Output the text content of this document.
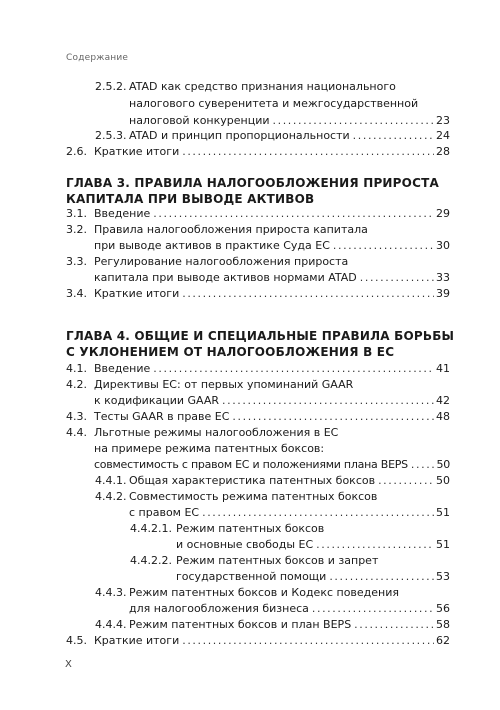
Содержание
2.5.2. ATAD как средство признания национального
налогового суверенитета и межгосударственной
налоговой конкуренции .....	23
2.5.3. ATAD и принцип пропорциональности .....	24
2.6. Краткие итоги .....	28
ГЛАВА 3. ПРАВИЛА НАЛОГООБЛОЖЕНИЯ ПРИРОСТА
КАПИТАЛА ПРИ ВЫВОДЕ АКТИВОВ
3.1. Введение .....	29
3.2. Правила налогообложения прироста капитала
при выводе активов в практике Суда ЕС .....	30
3.3. Регулирование налогообложения прироста
капитала при выводе активов нормами ATAD .....	33
3.4. Краткие итоги .....	39
ГЛАВА 4. ОБЩИЕ И СПЕЦИАЛЬНЫЕ ПРАВИЛА БОРЬБЫ
С УКЛОНЕНИЕМ ОТ НАЛОГООБЛОЖЕНИЯ В ЕС
4.1. Введение .....	41
4.2. Директивы ЕС: от первых упоминаний GAAR
к кодификации GAAR .....	42
4.3. Тесты GAAR в праве ЕС .....	48
4.4. Льготные режимы налогообложения в ЕС
на примере режима патентных боксов:
совместимость с правом ЕС и положениями плана BEPS .....	50
4.4.1. Общая характеристика патентных боксов .....	50
4.4.2. Совместимость режима патентных боксов
с правом ЕС .....	51
4.4.2.1. Режим патентных боксов
и основные свободы ЕС .....	51
4.4.2.2. Режим патентных боксов и запрет
государственной помощи .....	53
4.4.3. Режим патентных боксов и Кодекс поведения
для налогообложения бизнеса .....	56
4.4.4. Режим патентных боксов и план BEPS .....	58
4.5. Краткие итоги .....	62
X
